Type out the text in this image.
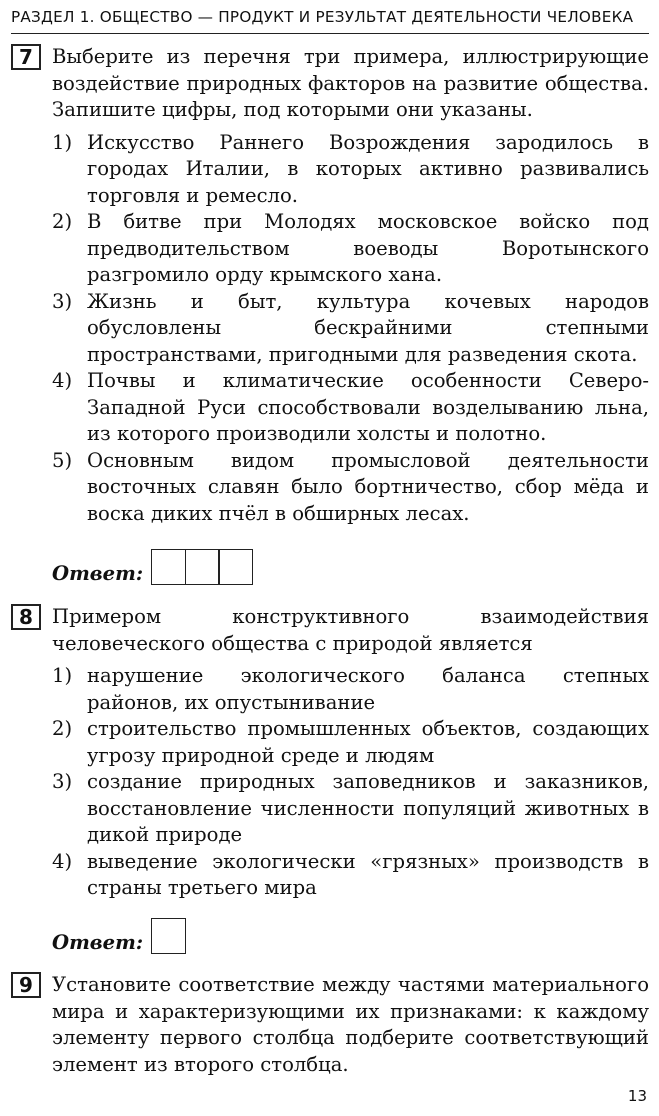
РАЗДЕЛ 1. ОБЩЕСТВО — ПРОДУКТ И РЕЗУЛЬТАТ ДЕЯТЕЛЬНОСТИ ЧЕЛОВЕКА
7 Выберите из перечня три примера, иллюстрирующие воздействие природных факторов на развитие общества. Запишите цифры, под которыми они указаны.
1) Искусство Раннего Возрождения зародилось в городах Италии, в которых активно развивались торговля и ремесло.
2) В битве при Молодях московское войско под предводительством воеводы Воротынского разгромило орду крымского хана.
3) Жизнь и быт, культура кочевых народов обусловлены бескрайними степными пространствами, пригодными для разведения скота.
4) Почвы и климатические особенности Северо-Западной Руси способствовали возделыванию льна, из которого производили холсты и полотно.
5) Основным видом промысловой деятельности восточных славян было бортничество, сбор мёда и воска диких пчёл в обширных лесах.
Ответ:
8 Примером конструктивного взаимодействия человеческого общества с природой является
1) нарушение экологического баланса степных районов, их опустынивание
2) строительство промышленных объектов, создающих угрозу природной среде и людям
3) создание природных заповедников и заказников, восстановление численности популяций животных в дикой природе
4) выведение экологически «грязных» производств в страны третьего мира
Ответ:
9 Установите соответствие между частями материального мира и характеризующими их признаками: к каждому элементу первого столбца подберите соответствующий элемент из второго столбца.
13
